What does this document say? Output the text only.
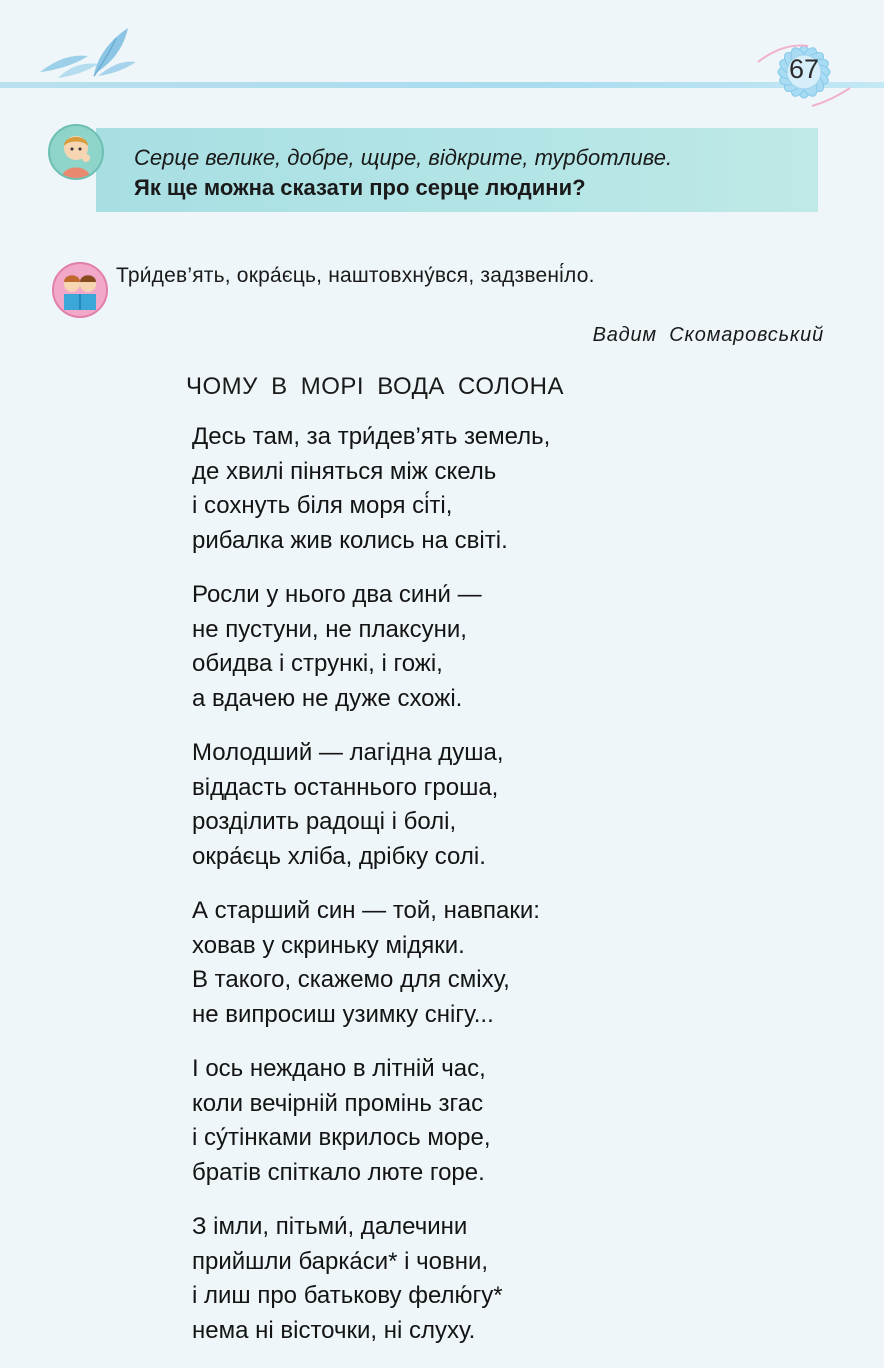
67
Серце велике, добре, щире, відкрите, турботливе.
Як ще можна сказати про серце людини?
Три́дев’ять, окра́єць, наштовхну́вся, задзвені́ло.
Вадим Скомаровський
ЧОМУ В МОРІ ВОДА СОЛОНА
Десь там, за три́дев’ять земель,
де хвилі піняться між скель
і сохнуть біля моря сі́ті,
рибалка жив колись на світі.
Росли у нього два сини́ —
не пустуни, не плаксуни,
обидва і стрункі, і гожі,
а вдачею не дуже схожі.
Молодший — лагідна душа,
віддасть останнього гроша,
розділить радощі і болі,
окра́єць хліба, дрібку солі.
А старший син — той, навпаки:
ховав у скриньку мідяки.
В такого, скажемо для сміху,
не випросиш узимку снігу...
І ось неждано в літній час,
коли вечірній промінь згас
і су́тінками вкрилось море,
братів спіткало люте горе.
З імли, пітьми́, далечини
прийшли барка́си* і човни,
і лиш про батькову фелю́гу*
нема ні вісточки, ні слуху.
